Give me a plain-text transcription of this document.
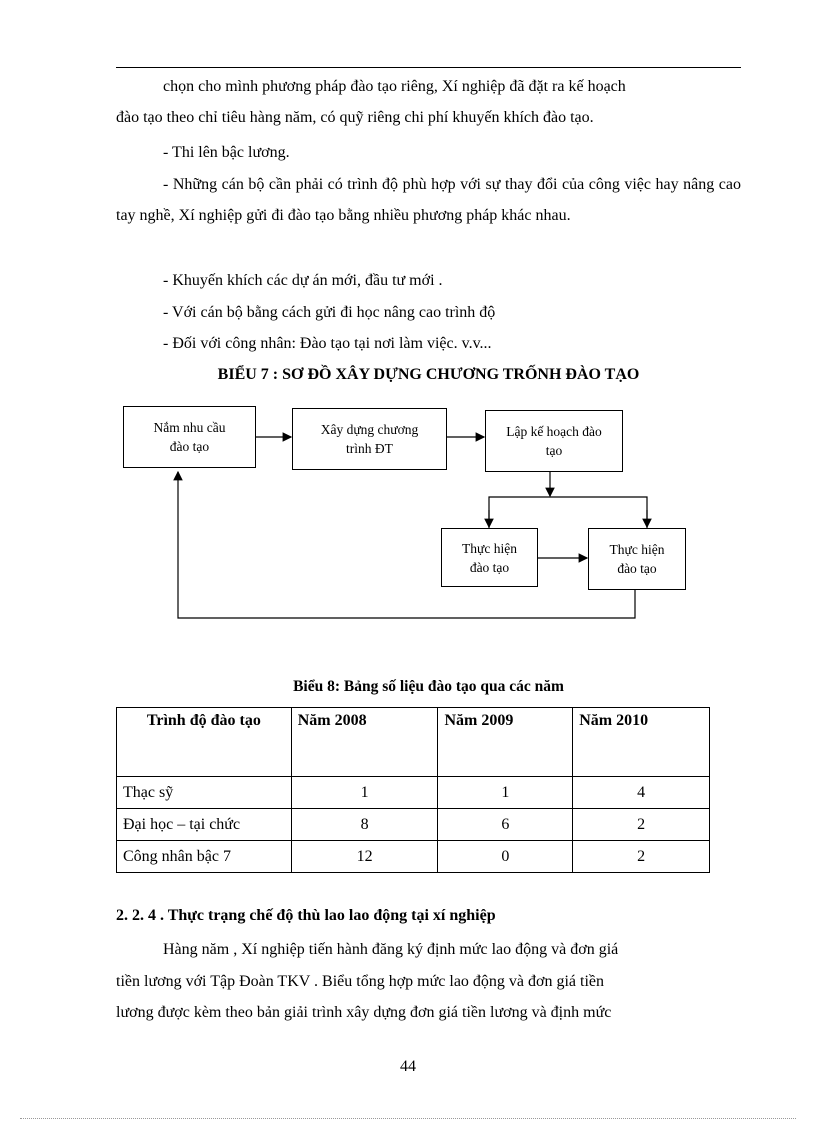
chọn cho mình phương pháp đào tạo riêng, Xí nghiệp đã đặt ra kế hoạch
đào tạo theo chỉ tiêu hàng năm, có quỹ riêng chi phí khuyến khích đào tạo.
- Thi lên bậc lương.

- Những cán bộ cần phải có trình độ phù hợp với sự thay đổi của công việc hay nâng cao tay nghề, Xí nghiệp gửi đi đào tạo bằng nhiều phương pháp khác nhau.

- Khuyến khích các dự án mới, đầu tư mới .
- Với cán bộ bằng cách gửi đi học nâng cao trình độ
- Đối với công nhân: Đào tạo tại nơi làm việc. v.v...
BIỂU 7 : SƠ ĐỒ XÂY DỰNG CHƯƠNG TRỐNH ĐÀO TẠO
Nắm nhu cầu
đào tạo
Xây dựng chương
trình ĐT
Lập kế hoạch đào
tạo
Thực hiện
đào tạo
Thực hiện
đào tạo
Biểu 8: Bảng số liệu đào tạo qua các năm
Trình độ đào tạo	Năm 2008	Năm 2009	Năm 2010
Thạc sỹ	1	1	4
Đại học – tại chức	8	6	2
Công nhân bậc 7	12	0	2
2. 2. 4 . Thực trạng chế độ thù lao lao động tại xí nghiệp
Hàng năm , Xí nghiệp tiến hành đăng ký định mức lao động và đơn giá
tiền lương với Tập Đoàn TKV . Biểu tổng hợp mức lao động và đơn giá tiền
lương được kèm theo bản giải trình xây dựng đơn giá tiền lương và định mức
44
